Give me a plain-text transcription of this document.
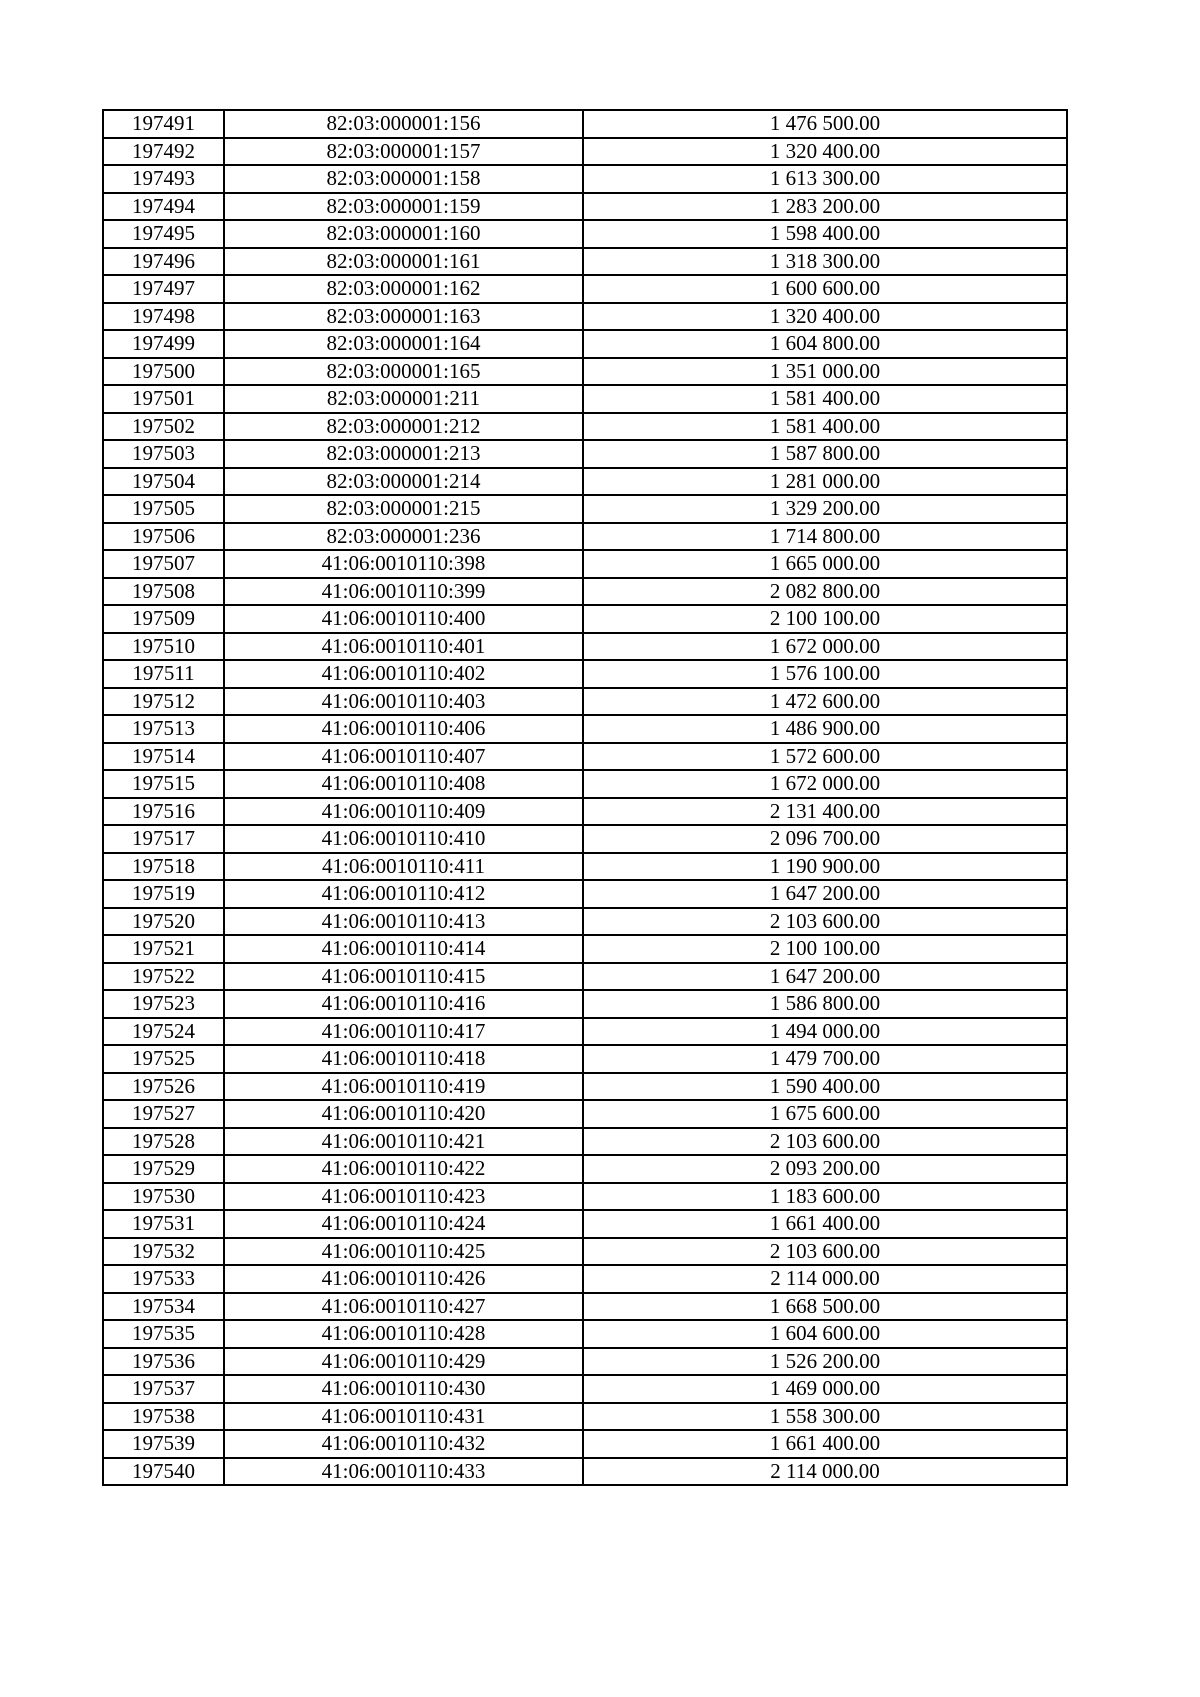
197491	82:03:000001:156	1 476 500.00
197492	82:03:000001:157	1 320 400.00
197493	82:03:000001:158	1 613 300.00
197494	82:03:000001:159	1 283 200.00
197495	82:03:000001:160	1 598 400.00
197496	82:03:000001:161	1 318 300.00
197497	82:03:000001:162	1 600 600.00
197498	82:03:000001:163	1 320 400.00
197499	82:03:000001:164	1 604 800.00
197500	82:03:000001:165	1 351 000.00
197501	82:03:000001:211	1 581 400.00
197502	82:03:000001:212	1 581 400.00
197503	82:03:000001:213	1 587 800.00
197504	82:03:000001:214	1 281 000.00
197505	82:03:000001:215	1 329 200.00
197506	82:03:000001:236	1 714 800.00
197507	41:06:0010110:398	1 665 000.00
197508	41:06:0010110:399	2 082 800.00
197509	41:06:0010110:400	2 100 100.00
197510	41:06:0010110:401	1 672 000.00
197511	41:06:0010110:402	1 576 100.00
197512	41:06:0010110:403	1 472 600.00
197513	41:06:0010110:406	1 486 900.00
197514	41:06:0010110:407	1 572 600.00
197515	41:06:0010110:408	1 672 000.00
197516	41:06:0010110:409	2 131 400.00
197517	41:06:0010110:410	2 096 700.00
197518	41:06:0010110:411	1 190 900.00
197519	41:06:0010110:412	1 647 200.00
197520	41:06:0010110:413	2 103 600.00
197521	41:06:0010110:414	2 100 100.00
197522	41:06:0010110:415	1 647 200.00
197523	41:06:0010110:416	1 586 800.00
197524	41:06:0010110:417	1 494 000.00
197525	41:06:0010110:418	1 479 700.00
197526	41:06:0010110:419	1 590 400.00
197527	41:06:0010110:420	1 675 600.00
197528	41:06:0010110:421	2 103 600.00
197529	41:06:0010110:422	2 093 200.00
197530	41:06:0010110:423	1 183 600.00
197531	41:06:0010110:424	1 661 400.00
197532	41:06:0010110:425	2 103 600.00
197533	41:06:0010110:426	2 114 000.00
197534	41:06:0010110:427	1 668 500.00
197535	41:06:0010110:428	1 604 600.00
197536	41:06:0010110:429	1 526 200.00
197537	41:06:0010110:430	1 469 000.00
197538	41:06:0010110:431	1 558 300.00
197539	41:06:0010110:432	1 661 400.00
197540	41:06:0010110:433	2 114 000.00
